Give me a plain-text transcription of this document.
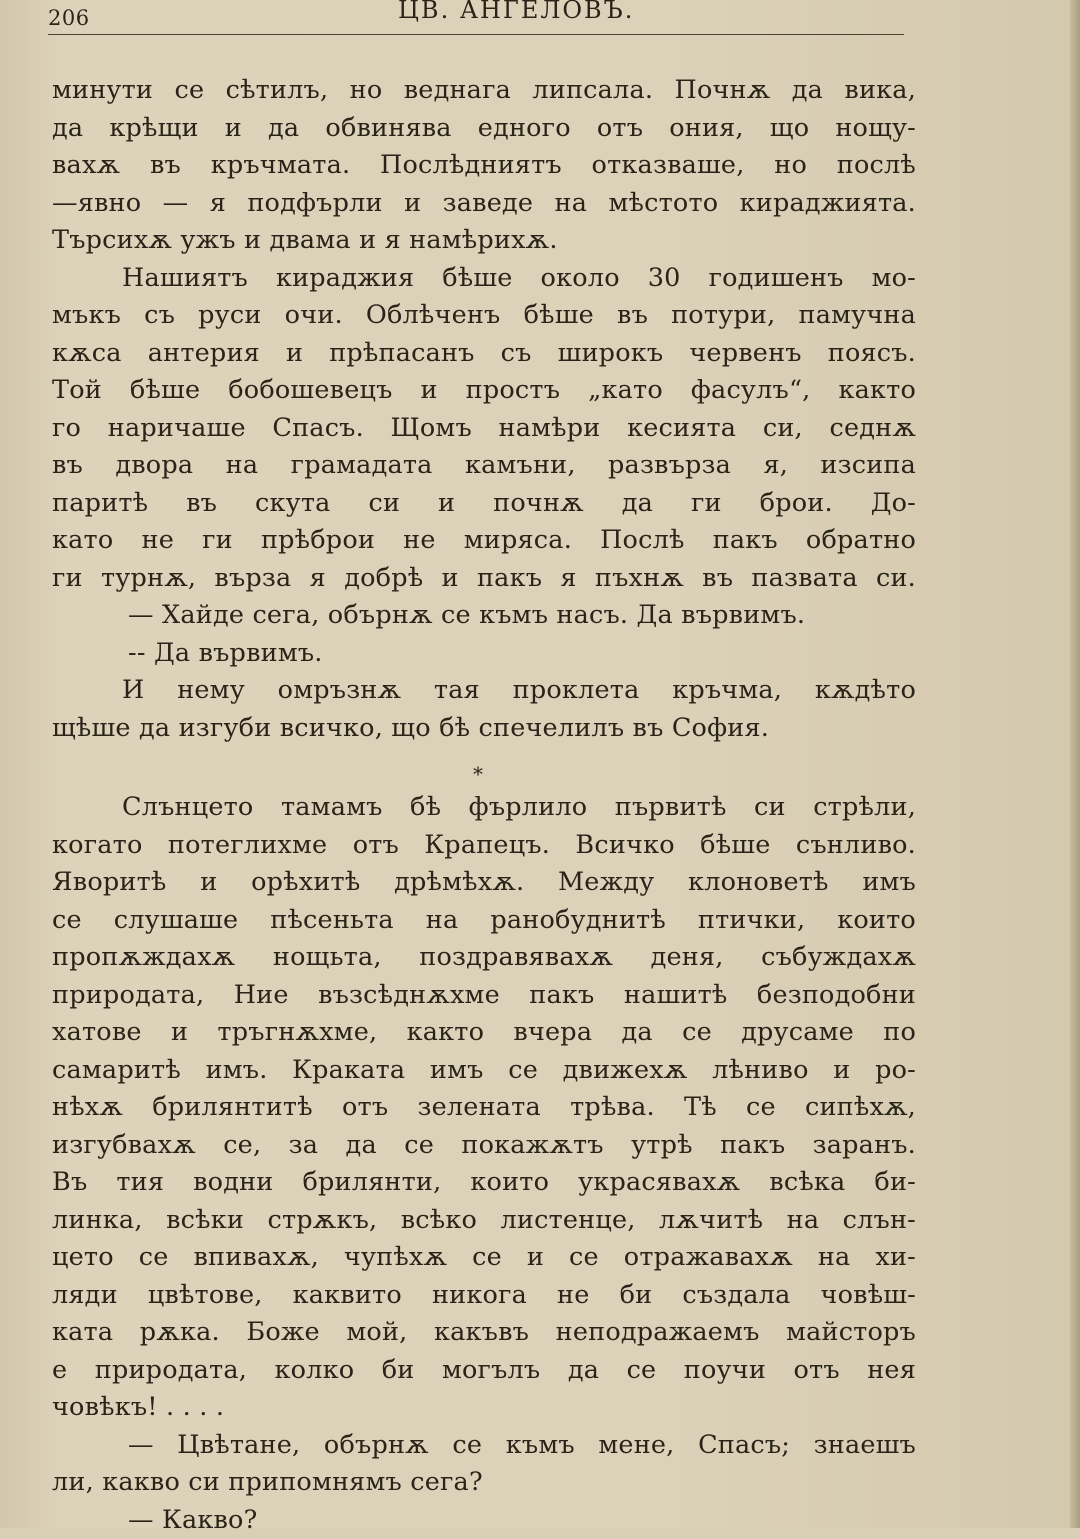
206	ЦВ. АНГЕЛОВЪ.
минути се сѣтилъ, но веднага липсала. Почнѫ да вика,
да крѣщи и да обвинява едного отъ ония, що нощу-
вахѫ въ кръчмата. Послѣдниятъ отказваше, но послѣ
—явно — я подфърли и заведе на мѣстото кираджията.
Търсихѫ ужъ и двама и я намѣрихѫ.
Нашиятъ кираджия бѣше около 30 годишенъ мо-
мъкъ съ руси очи. Облѣченъ бѣше въ потури, памучна
кѫса антерия и прѣпасанъ съ широкъ червенъ поясъ.
Той бѣше бобошевецъ и простъ „като фасулъ“, както
го наричаше Спасъ. Щомъ намѣри кесията си, седнѫ
въ двора на грамадата камъни, развърза я, изсипа
паритѣ въ скута си и почнѫ да ги брои. До-
като не ги прѣброи не мирясa. Послѣ пакъ обратно
ги турнѫ, върза я добрѣ и пакъ я пъхнѫ въ пазвата си.
— Хайде сега, обърнѫ се къмъ насъ. Да вървимъ.
-- Да вървимъ.
И нему омръзнѫ тая проклета кръчма, кѫдѣто
щѣше да изгуби всичко, що бѣ спечелилъ въ София.
*
Слънцето тамамъ бѣ фърлило първитѣ си стрѣли,
когато потеглихме отъ Крапецъ. Всичко бѣше сънливо.
Яворитѣ и орѣхитѣ дрѣмѣхѫ. Между клоноветѣ имъ
се слушаше пѣсеньта на ранобуднитѣ птички, които
пропѫждахѫ нощьта, поздравявахѫ деня, събуждахѫ
природата, Ние възсѣднѫхме пакъ нашитѣ безподобни
хатове и тръгнѫхме, както вчера да се друсаме по
самаритѣ имъ. Краката имъ се движехѫ лѣниво и ро-
нѣхѫ брилянтитѣ отъ зелената трѣва. Тѣ се сипѣхѫ,
изгубвахѫ се, за да се покажѫтъ утрѣ пакъ заранъ.
Въ тия водни брилянти, които украсявахѫ всѣка би-
линка, всѣки стрѫкъ, всѣко листенце, лѫчитѣ на слън-
цето се впивахѫ, чупѣхѫ се и се отражавахѫ на хи-
ляди цвѣтове, каквито никога не би създала човѣш-
ката рѫка. Боже мой, какъвъ неподражаемъ майсторъ
е природата, колко би могълъ да се поучи отъ нея
човѣкъ! . . . .
— Цвѣтане, обърнѫ се къмъ мене, Спасъ; знаешъ
ли, какво си припомнямъ сега?
— Какво?
